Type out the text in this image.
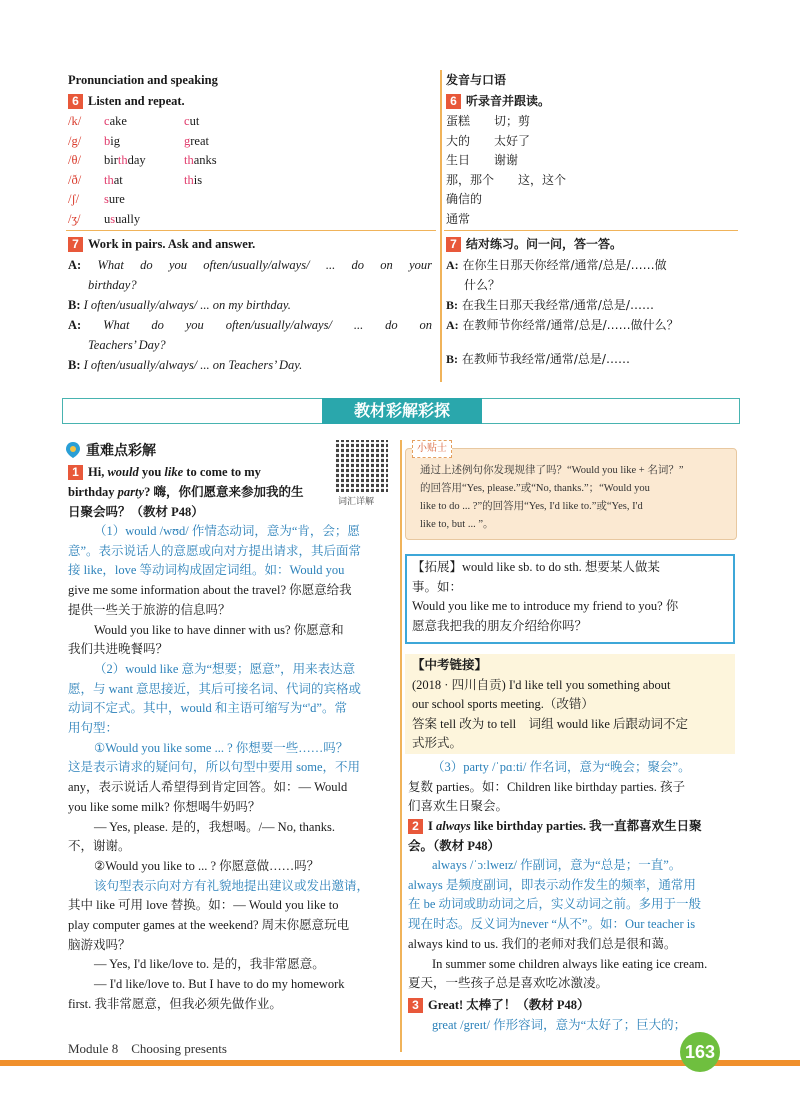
Pronunciation and speaking
6 Listen and repeat.
/k/ cake	cut
/g/ big	great
/θ/ birthday	thanks
/ð/ that	this
/ʃ/ sure
/ʒ/ usually
7 Work in pairs. Ask and answer.
A: What do you often/usually/always/ ... do on your
birthday?
B: I often/usually/always/ ... on my birthday.
A: What do you often/usually/always/ ... do on
Teachers’ Day?
B: I often/usually/always/ ... on Teachers’ Day.
发音与口语
6 听录音并跟读。
蛋糕　　切；剪
大的　　太好了
生日　　谢谢
那，那个　　这，这个
确信的
通常
7 结对练习。问一问，答一答。
A: 在你生日那天你经常/通常/总是/……做
什么？
B: 在我生日那天我经常/通常/总是/……
A: 在教师节你经常/通常/总是/……做什么？
B: 在教师节我经常/通常/总是/……
教材彩解彩探
重难点彩解
词汇详解
1 Hi, would you like to come to my
birthday party? 嗨，你们愿意来参加我的生
日聚会吗？（教材 P48）
（1）would /wʊd/ 作情态动词，意为“肯，会；愿
意”。表示说话人的意愿或向对方提出请求，其后面常
接 like，love 等动词构成固定词组。如：Would you
give me some information about the travel? 你愿意给我
提供一些关于旅游的信息吗？
Would you like to have dinner with us? 你愿意和
我们共进晚餐吗？
（2）would like 意为“想要；愿意”，用来表达意
愿，与 want 意思接近，其后可接名词、代词的宾格或
动词不定式。其中，would 和主语可缩写为“'d”。常
用句型：
①Would you like some ... ? 你想要一些……吗？
这是表示请求的疑问句，所以句型中要用 some，不用
any，表示说话人希望得到肯定回答。如：— Would
you like some milk? 你想喝牛奶吗？
— Yes, please. 是的，我想喝。/— No, thanks.
不，谢谢。
②Would you like to ... ? 你愿意做……吗？
该句型表示向对方有礼貌地提出建议或发出邀请，
其中 like 可用 love 替换。如：— Would you like to
play computer games at the weekend? 周末你愿意玩电
脑游戏吗？
— Yes, I'd like/love to. 是的，我非常愿意。
— I'd like/love to. But I have to do my homework
first. 我非常愿意，但我必须先做作业。
小贴士
通过上述例句你发现规律了吗？“Would you like + 名词？”
的回答用“Yes, please.”或“No, thanks.”；“Would you
like to do ... ?”的回答用“Yes, I'd like to.”或“Yes, I'd
like to, but ... ”。
【拓展】would like sb. to do sth. 想要某人做某
事。如：
Would you like me to introduce my friend to you? 你
愿意我把我的朋友介绍给你吗？
【中考链接】
(2018 · 四川自贡) I'd like tell you something about
our school sports meeting.（改错）
答案 tell 改为 to tell　词组 would like 后跟动词不定
式形式。
（3）party /ˈpɑːti/ 作名词，意为“晚会；聚会”。
复数 parties。如：Children like birthday parties. 孩子
们喜欢生日聚会。
2 I always like birthday parties. 我一直都喜欢生日聚
会。（教材 P48）
always /ˈɔːlweɪz/ 作副词，意为“总是；一直”。
always 是频度副词，即表示动作发生的频率，通常用
在 be 动词或助动词之后，实义动词之前。多用于一般
现在时态。反义词为never “从不”。如：Our teacher is
always kind to us. 我们的老师对我们总是很和蔼。
In summer some children always like eating ice cream.
夏天，一些孩子总是喜欢吃冰激凌。
3 Great! 太棒了！（教材 P48）
great /greɪt/ 作形容词，意为“太好了；巨大的；
Module 8　Choosing presents	163
